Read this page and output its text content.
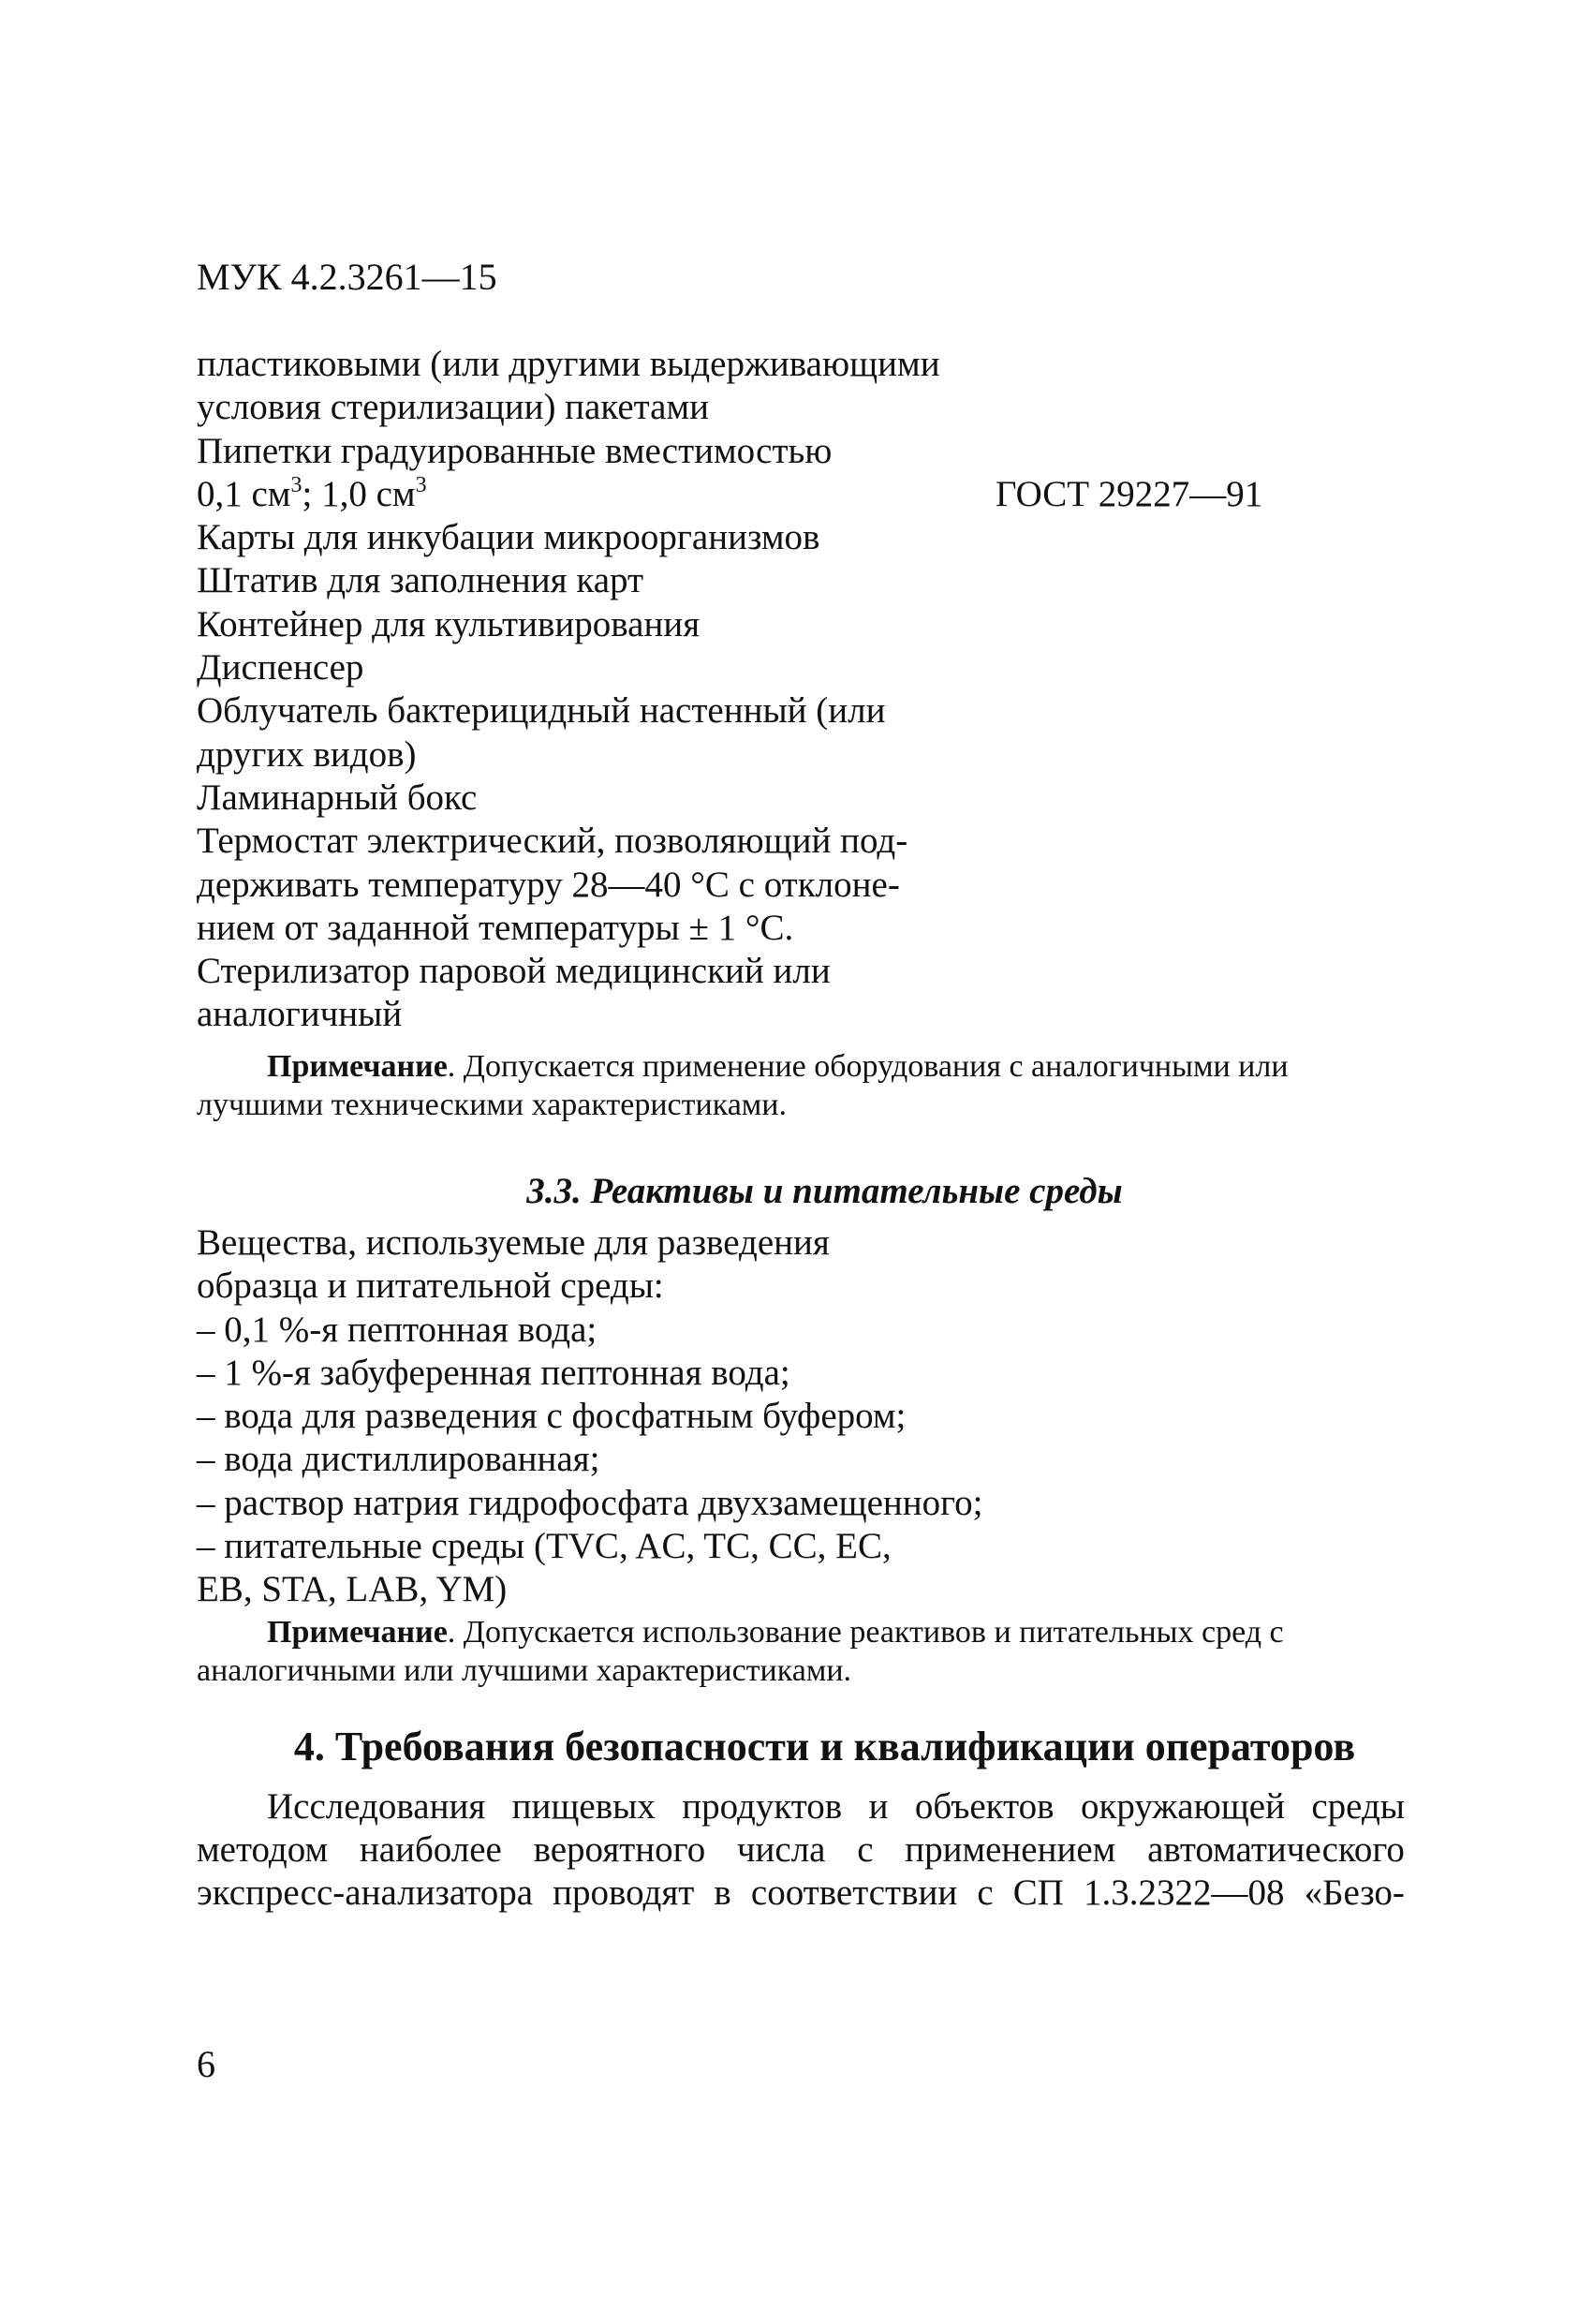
МУК 4.2.3261—15
пластиковыми (или другими выдерживающими
условия стерилизации) пакетами
Пипетки градуированные вместимостью
0,1 $см^3$; 1,0 $см^3$	ГОСТ 29227—91
Карты для инкубации микроорганизмов
Штатив для заполнения карт
Контейнер для культивирования
Диспенсер
Облучатель бактерицидный настенный (или
других видов)
Ламинарный бокс
Термостат электрический, позволяющий под-
держивать температуру 28—40 °С с отклоне-
нием от заданной температуры ± 1 °С.
Стерилизатор паровой медицинский или
аналогичный
Примечание. Допускается применение оборудования с аналогичными или
лучшими техническими характеристиками.
3.3. Реактивы и питательные среды
Вещества, используемые для разведения
образца и питательной среды:
– 0,1 %-я пептонная вода;
– 1 %-я забуференная пептонная вода;
– вода для разведения с фосфатным буфером;
– вода дистиллированная;
– раствор натрия гидрофосфата двухзамещенного;
– питательные среды (TVC, AC, TC, CC, EC,
EB, STA, LAB, YM)
Примечание. Допускается использование реактивов и питательных сред с
аналогичными или лучшими характеристиками.
4. Требования безопасности и квалификации операторов
Исследования пищевых продуктов и объектов окружающей среды
методом наиболее вероятного числа с применением автоматического
экспресс-анализатора проводят в соответствии с СП 1.3.2322—08 «Безо-
6
